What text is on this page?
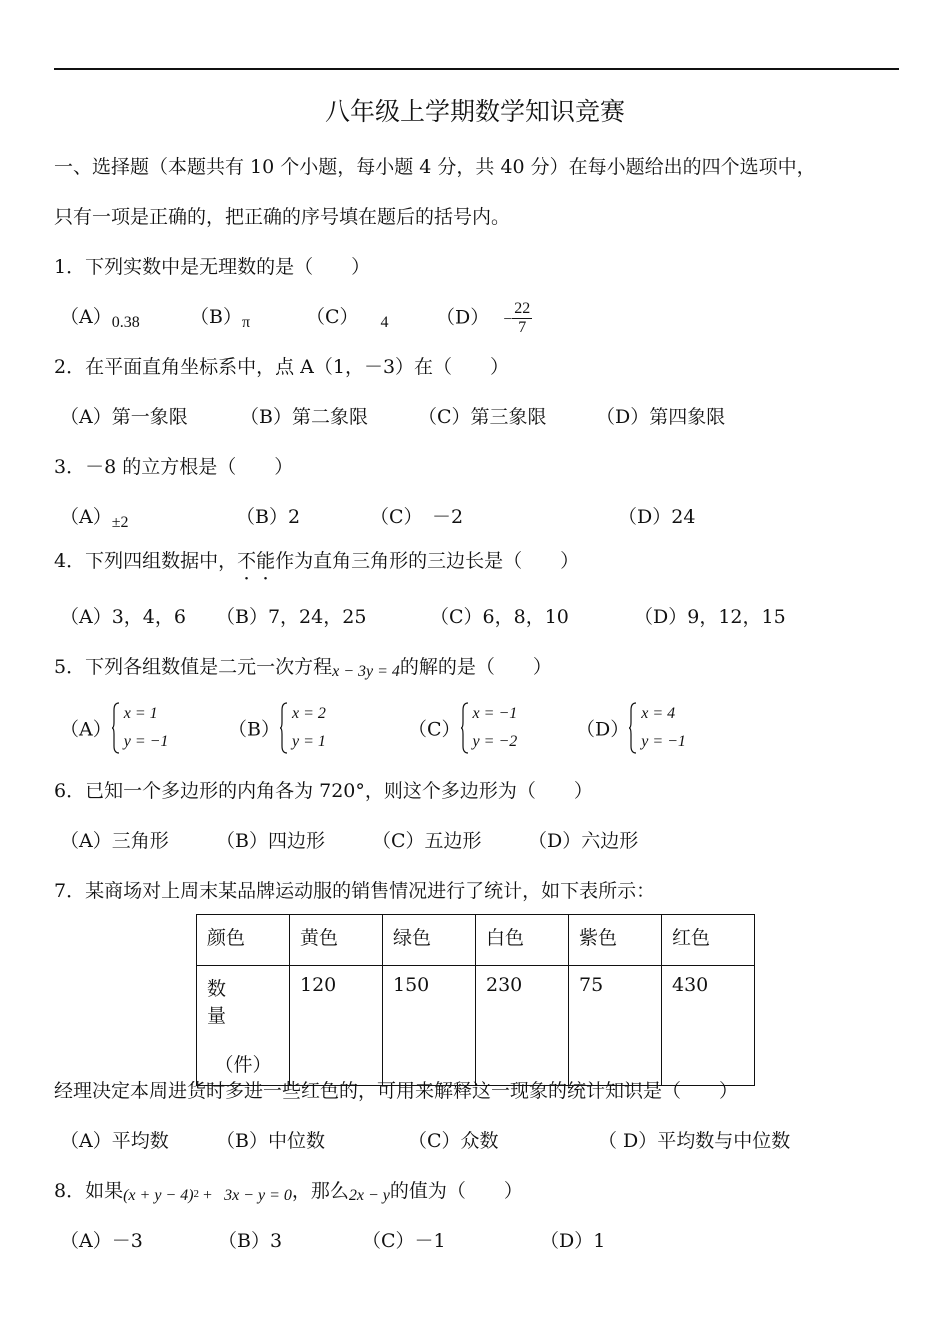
八年级上学期数学知识竞赛
一、选择题（本题共有 10 个小题，每小题 4 分，共 40 分）在每小题给出的四个选项中，
只有一项是正确的，把正确的序号填在题后的括号内。
1．下列实数中是无理数的是（　　）
$(A)_{0.38}$	$(B)_\pi$	（C） $_4$ $(D) - \frac{22}{7}$
2．在平面直角坐标系中，点 A（1，－3）在（　　）
（A）第一象限	（B）第二象限	（C）第三象限	（D）第四象限
3．－8 的立方根是（　　）
$(A)_{\pm 2}$	（B）2	（C）　－2	（D）24
4．下列四组数据中，不能作为直角三角形的三边长是（　　）
（A）3，4，6 （B）7，24，25	（C）6，8，10	（D）9，12，15
5．下列各组数值是二元一次方程x − 3y = 4的解的是（　　）
（A）
x = 1
y = −1
（B）
x = 2
y = 1
（C）
x = −1
y = −2
（D）
x = 4
y = −1
6．已知一个多边形的内角各为 720°，则这个多边形为（　　）
（A）三角形 （B）四边形 （C）五边形 （D）六边形
7．某商场对上周末某品牌运动服的销售情况进行了统计，如下表所示：
颜色	黄色	绿色	白色	紫色	红色

数　　量
（件）	120	150	230	75	430
经理决定本周进货时多进一些红色的，可用来解释这一现象的统计知识是（　　）
（A）平均数 （B）中位数	（C）众数	（ D）平均数与中位数
8．如果(x + y − 4)2 + 3x − y = 0，那么2x − y的值为（　　）
（A）－3	（B）3	（C）－1	（D）1
